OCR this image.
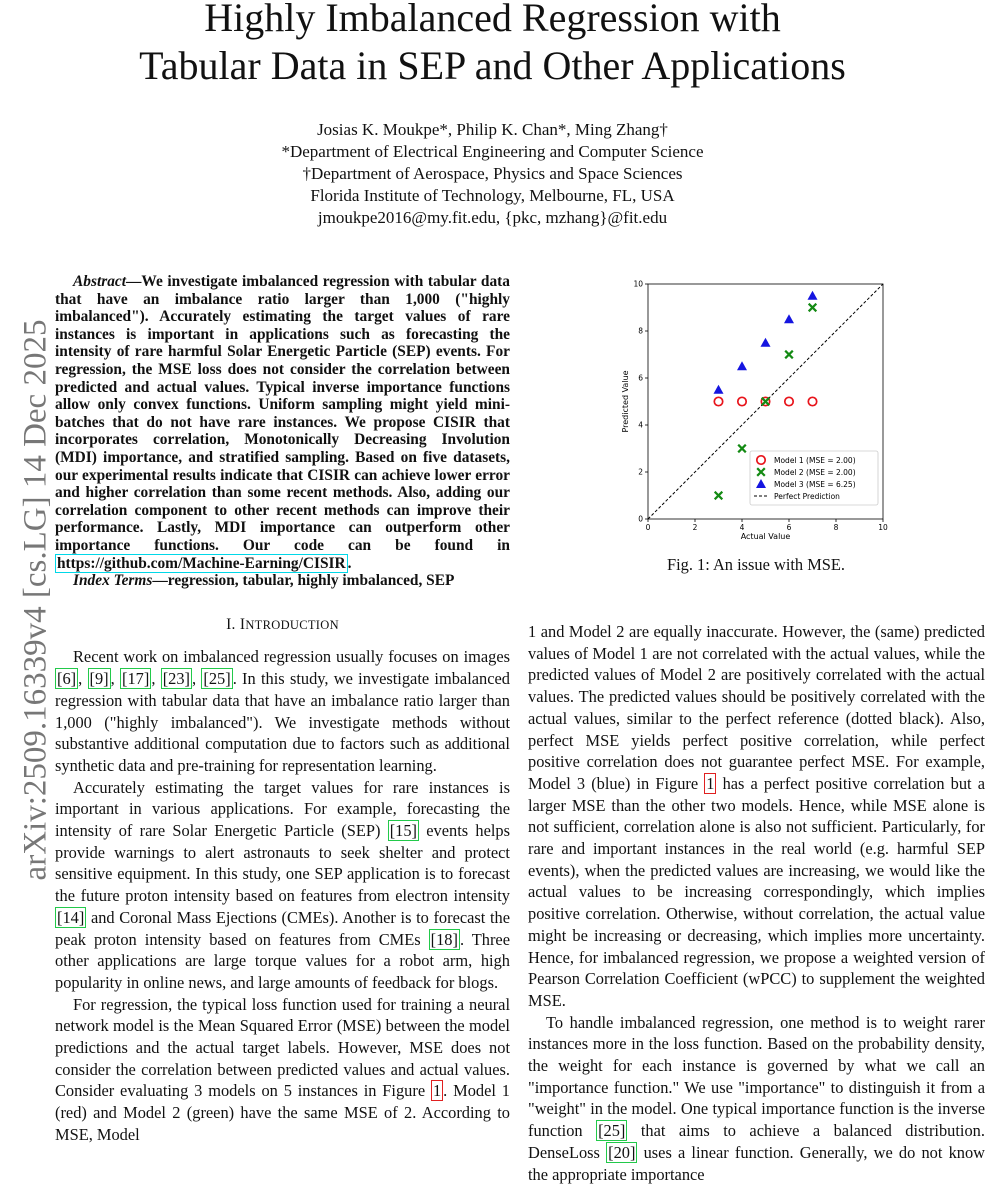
Highly Imbalanced Regression with
Tabular Data in SEP and Other Applications
Josias K. Moukpe*, Philip K. Chan*, Ming Zhang†
*Department of Electrical Engineering and Computer Science
†Department of Aerospace, Physics and Space Sciences
Florida Institute of Technology, Melbourne, FL, USA
jmoukpe2016@my.fit.edu, {pkc, mzhang}@fit.edu
arXiv:2509.16339v4 [cs.LG] 14 Dec 2025
Abstract—We investigate imbalanced regression with tabular data that have an imbalance ratio larger than 1,000 ("highly imbalanced"). Accurately estimating the target values of rare instances is important in applications such as forecasting the intensity of rare harmful Solar Energetic Particle (SEP) events. For regression, the MSE loss does not consider the correlation between predicted and actual values. Typical inverse importance functions allow only convex functions. Uniform sampling might yield mini-batches that do not have rare instances. We propose CISIR that incorporates correlation, Monotonically Decreasing Involution (MDI) importance, and stratified sampling. Based on five datasets, our experimental results indicate that CISIR can achieve lower error and higher correlation than some recent methods. Also, adding our correlation component to other recent methods can improve their performance. Lastly, MDI importance can outperform other importance functions. Our code can be found in https://github.com/Machine-Earning/CISIR .
Index Terms—regression, tabular, highly imbalanced, SEP
I. INTRODUCTION

Recent work on imbalanced regression usually focuses on images [6] , [9] , [17] , [23] , [25] . In this study, we investigate imbalanced regression with tabular data that have an imbalance ratio larger than 1,000 ("highly imbalanced"). We investigate methods without substantive additional computation due to factors such as additional synthetic data and pre-training for representation learning.

Accurately estimating the target values for rare instances is important in various applications. For example, forecasting the intensity of rare Solar Energetic Particle (SEP) [15] events helps provide warnings to alert astronauts to seek shelter and protect sensitive equipment. In this study, one SEP application is to forecast the future proton intensity based on features from electron intensity [14] and Coronal Mass Ejections (CMEs). Another is to forecast the peak proton intensity based on features from CMEs [18] . Three other applications are large torque values for a robot arm, high popularity in online news, and large amounts of feedback for blogs.

For regression, the typical loss function used for training a neural network model is the Mean Squared Error (MSE) between the model predictions and the actual target labels. However, MSE does not consider the correlation between predicted values and actual values. Consider evaluating 3 models on 5 instances in Figure 1 . Model 1 (red) and Model 2 (green) have the same MSE of 2. According to MSE, Model

0	2	4	6	8	10
0
2
4
6
8
10
Actual Value
Predicted Value
Model 1 (MSE = 2.00)
Model 2 (MSE = 2.00)
Model 3 (MSE = 6.25)
Perfect Prediction
Fig. 1: An issue with MSE.

1 and Model 2 are equally inaccurate. However, the (same) predicted values of Model 1 are not correlated with the actual values, while the predicted values of Model 2 are positively correlated with the actual values. The predicted values should be positively correlated with the actual values, similar to the perfect reference (dotted black). Also, perfect MSE yields perfect positive correlation, while perfect positive correlation does not guarantee perfect MSE. For example, Model 3 (blue) in Figure 1 has a perfect positive correlation but a larger MSE than the other two models. Hence, while MSE alone is not sufficient, correlation alone is also not sufficient. Particularly, for rare and important instances in the real world (e.g. harmful SEP events), when the predicted values are increasing, we would like the actual values to be increasing correspondingly, which implies positive correlation. Otherwise, without correlation, the actual value might be increasing or decreasing, which implies more uncertainty. Hence, for imbalanced regression, we propose a weighted version of Pearson Correlation Coefficient (wPCC) to supplement the weighted MSE.

To handle imbalanced regression, one method is to weight rarer instances more in the loss function. Based on the probability density, the weight for each instance is governed by what we call an "importance function." We use "importance" to distinguish it from a "weight" in the model. One typical importance function is the inverse function [25] that aims to achieve a balanced distribution. DenseLoss [20] uses a linear function. Generally, we do not know the appropriate importance
